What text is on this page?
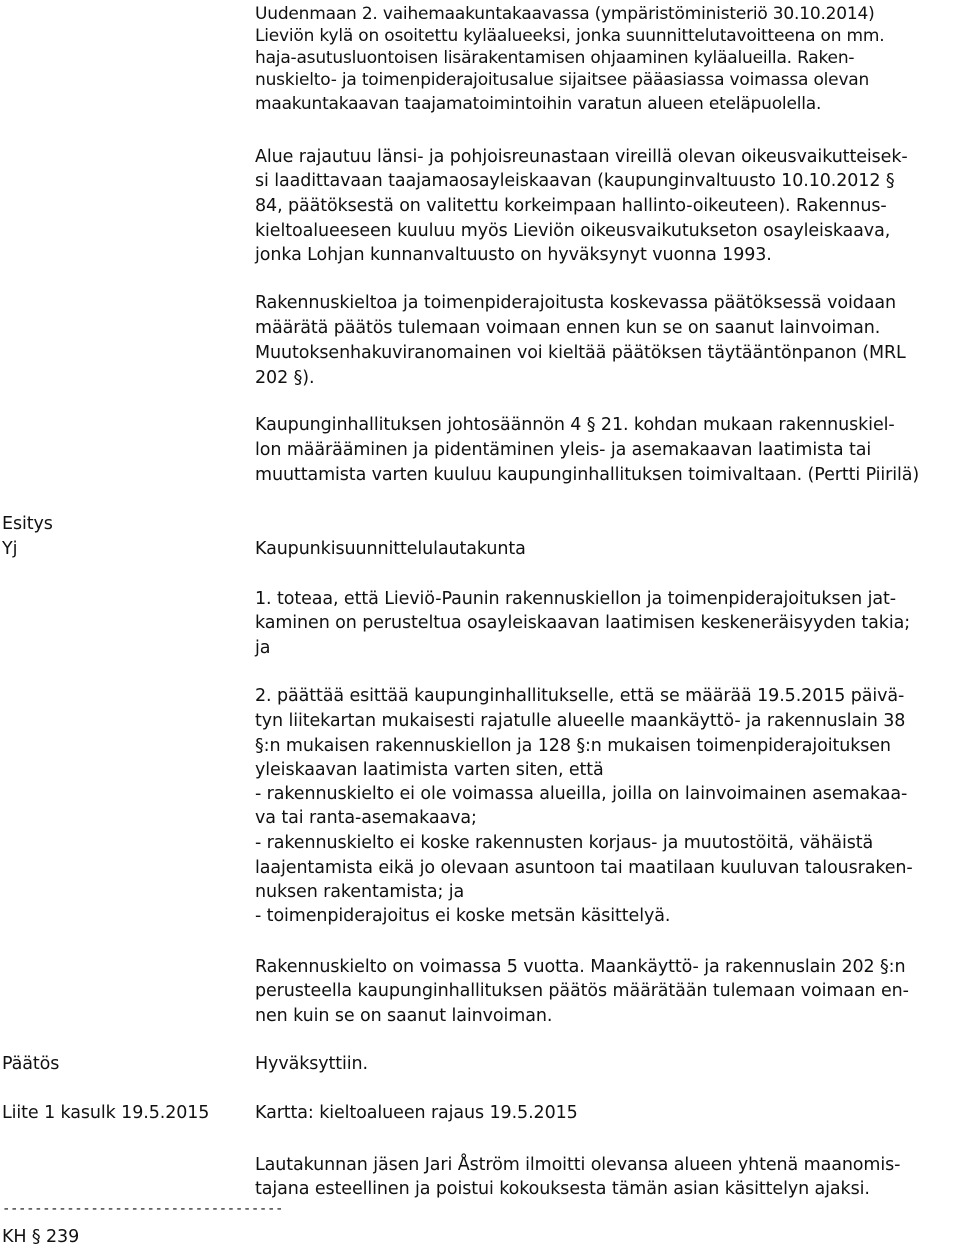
Uudenmaan 2. vaihemaakuntakaavassa (ympäristöministeriö 30.10.2014)
Lieviön kylä on osoitettu kyläalueeksi, jonka suunnittelutavoitteena on mm.
haja-asutusluontoisen lisärakentamisen ohjaaminen kyläalueilla. Raken-
nuskielto- ja toimenpiderajoitusalue sijaitsee pääasiassa voimassa olevan
maakuntakaavan taajamatoimintoihin varatun alueen eteläpuolella.
Alue rajautuu länsi- ja pohjoisreunastaan vireillä olevan oikeusvaikutteisek-
si laadittavaan taajamaosayleiskaavan (kaupunginvaltuusto 10.10.2012 §
84, päätöksestä on valitettu korkeimpaan hallinto-oikeuteen). Rakennus-
kieltoalueeseen kuuluu myös Lieviön oikeusvaikutukseton osayleiskaava,
jonka Lohjan kunnanvaltuusto on hyväksynyt vuonna 1993.
Rakennuskieltoa ja toimenpiderajoitusta koskevassa päätöksessä voidaan
määrätä päätös tulemaan voimaan ennen kun se on saanut lainvoiman.
Muutoksenhakuviranomainen voi kieltää päätöksen täytääntönpanon (MRL
202 §).
Kaupunginhallituksen johtosäännön 4 § 21. kohdan mukaan rakennuskiel-
lon määrääminen ja pidentäminen yleis- ja asemakaavan laatimista tai
muuttamista varten kuuluu kaupunginhallituksen toimivaltaan. (Pertti Piirilä)
Esitys
Yj	Kaupunkisuunnittelulautakunta
1. toteaa, että Lieviö-Paunin rakennuskiellon ja toimenpiderajoituksen jat-
kaminen on perusteltua osayleiskaavan laatimisen keskeneräisyyden takia;
ja
2. päättää esittää kaupunginhallitukselle, että se määrää 19.5.2015 päivä-
tyn liitekartan mukaisesti rajatulle alueelle maankäyttö- ja rakennuslain 38
§:n mukaisen rakennuskiellon ja 128 §:n mukaisen toimenpiderajoituksen
yleiskaavan laatimista varten siten, että
- rakennuskielto ei ole voimassa alueilla, joilla on lainvoimainen asemakaa-
va tai ranta-asemakaava;
- rakennuskielto ei koske rakennusten korjaus- ja muutostöitä, vähäistä
laajentamista eikä jo olevaan asuntoon tai maatilaan kuuluvan talousraken-
nuksen rakentamista; ja
- toimenpiderajoitus ei koske metsän käsittelyä.
Rakennuskielto on voimassa 5 vuotta. Maankäyttö- ja rakennuslain 202 §:n
perusteella kaupunginhallituksen päätös määrätään tulemaan voimaan en-
nen kuin se on saanut lainvoiman.
Päätös	Hyväksyttiin.
Liite 1 kasulk 19.5.2015	Kartta: kieltoalueen rajaus 19.5.2015
Lautakunnan jäsen Jari Åström ilmoitti olevansa alueen yhtenä maanomis-
tajana esteellinen ja poistui kokouksesta tämän asian käsittelyn ajaksi.
-----------------------------------
KH § 239
